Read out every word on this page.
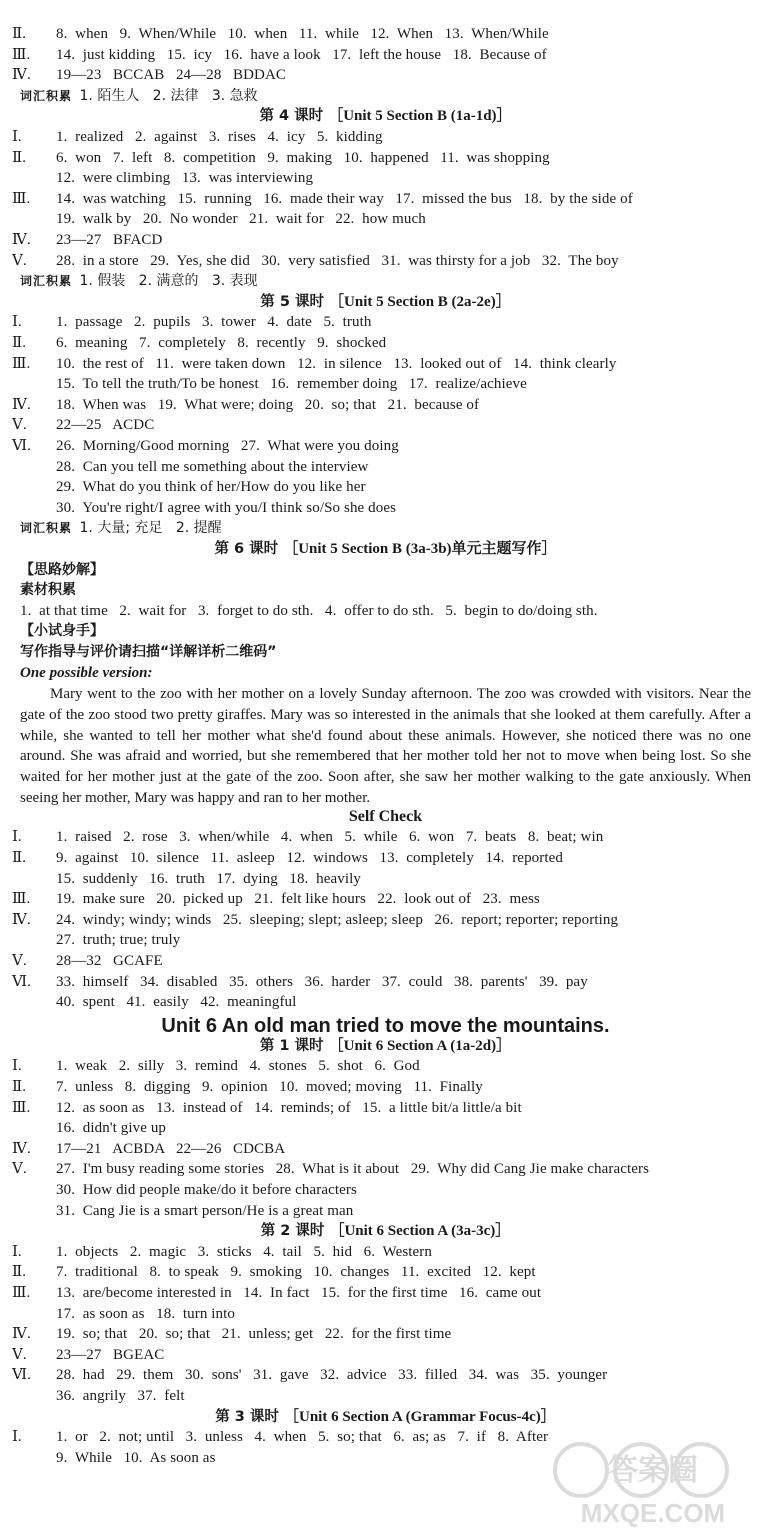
Ⅱ.	8.  when   9.  When/While   10.  when   11.  while   12.  When   13.  When/While
Ⅲ.	14.  just kidding   15.  icy   16.  have a look   17.  left the house   18.  Because of
Ⅳ.	19—23   BCCAB   24—28   BDDAC
词汇积累 1. 陌生人   2. 法律   3. 急救
第 4 课时 ［Unit 5 Section B (1a-1d)］
Ⅰ.	1.  realized   2.  against   3.  rises   4.  icy   5.  kidding
Ⅱ.	6.  won   7.  left   8.  competition   9.  making   10.  happened   11.  was shopping
12.  were climbing   13.  was interviewing
Ⅲ.	14.  was watching   15.  running   16.  made their way   17.  missed the bus   18.  by the side of
19.  walk by   20.  No wonder   21.  wait for   22.  how much
Ⅳ.	23—27   BFACD
Ⅴ.	28.  in a store   29.  Yes, she did   30.  very satisfied   31.  was thirsty for a job   32.  The boy
词汇积累 1. 假装   2. 满意的   3. 表现
第 5 课时 ［Unit 5 Section B (2a-2e)］
Ⅰ.	1.  passage   2.  pupils   3.  tower   4.  date   5.  truth
Ⅱ.	6.  meaning   7.  completely   8.  recently   9.  shocked
Ⅲ.	10.  the rest of   11.  were taken down   12.  in silence   13.  looked out of   14.  think clearly
15.  To tell the truth/To be honest   16.  remember doing   17.  realize/achieve
Ⅳ.	18.  When was   19.  What were; doing   20.  so; that   21.  because of
Ⅴ.	22—25   ACDC
Ⅵ.	26.  Morning/Good morning   27.  What were you doing
28.  Can you tell me something about the interview
29.  What do you think of her/How do you like her
30.  You're right/I agree with you/I think so/So she does
词汇积累 1. 大量; 充足   2. 提醒
第 6 课时 ［Unit 5 Section B (3a-3b)单元主题写作］
【思路妙解】
素材积累
1.  at that time   2.  wait for   3.  forget to do sth.   4.  offer to do sth.   5.  begin to do/doing sth.
【小试身手】
写作指导与评价请扫描“详解详析二维码”
One possible version:
Mary went to the zoo with her mother on a lovely Sunday afternoon. The zoo was crowded with visitors. Near the gate of the zoo stood two pretty giraffes. Mary was so interested in the animals that she looked at them carefully. After a while, she wanted to tell her mother what she'd found about these animals. However, she noticed there was no one around. She was afraid and worried, but she remembered that her mother told her not to move when being lost. So she waited for her mother just at the gate of the zoo. Soon after, she saw her mother walking to the gate anxiously. When seeing her mother, Mary was happy and ran to her mother.
Self Check
Ⅰ.	1.  raised   2.  rose   3.  when/while   4.  when   5.  while   6.  won   7.  beats   8.  beat; win
Ⅱ.	9.  against   10.  silence   11.  asleep   12.  windows   13.  completely   14.  reported
15.  suddenly   16.  truth   17.  dying   18.  heavily
Ⅲ.	19.  make sure   20.  picked up   21.  felt like hours   22.  look out of   23.  mess
Ⅳ.	24.  windy; windy; winds   25.  sleeping; slept; asleep; sleep   26.  report; reporter; reporting
27.  truth; true; truly
Ⅴ.	28—32   GCAFE
Ⅵ.	33.  himself   34.  disabled   35.  others   36.  harder   37.  could   38.  parents'   39.  pay
40.  spent   41.  easily   42.  meaningful
Unit 6 An old man tried to move the mountains.
第 1 课时 ［Unit 6 Section A (1a-2d)］
Ⅰ.	1.  weak   2.  silly   3.  remind   4.  stones   5.  shot   6.  God
Ⅱ.	7.  unless   8.  digging   9.  opinion   10.  moved; moving   11.  Finally
Ⅲ.	12.  as soon as   13.  instead of   14.  reminds; of   15.  a little bit/a little/a bit
16.  didn't give up
Ⅳ.	17—21   ACBDA   22—26   CDCBA
Ⅴ.	27.  I'm busy reading some stories   28.  What is it about   29.  Why did Cang Jie make characters
30.  How did people make/do it before characters
31.  Cang Jie is a smart person/He is a great man
第 2 课时 ［Unit 6 Section A (3a-3c)］
Ⅰ.	1.  objects   2.  magic   3.  sticks   4.  tail   5.  hid   6.  Western
Ⅱ.	7.  traditional   8.  to speak   9.  smoking   10.  changes   11.  excited   12.  kept
Ⅲ.	13.  are/become interested in   14.  In fact   15.  for the first time   16.  came out
17.  as soon as   18.  turn into
Ⅳ.	19.  so; that   20.  so; that   21.  unless; get   22.  for the first time
Ⅴ.	23—27   BGEAC
Ⅵ.	28.  had   29.  them   30.  sons'   31.  gave   32.  advice   33.  filled   34.  was   35.  younger
36.  angrily   37.  felt
第 3 课时 ［Unit 6 Section A (Grammar Focus-4c)］
Ⅰ.	1.  or   2.  not; until   3.  unless   4.  when   5.  so; that   6.  as; as   7.  if   8.  After
9.  While   10.  As soon as	答案圈
MXQE.COM
